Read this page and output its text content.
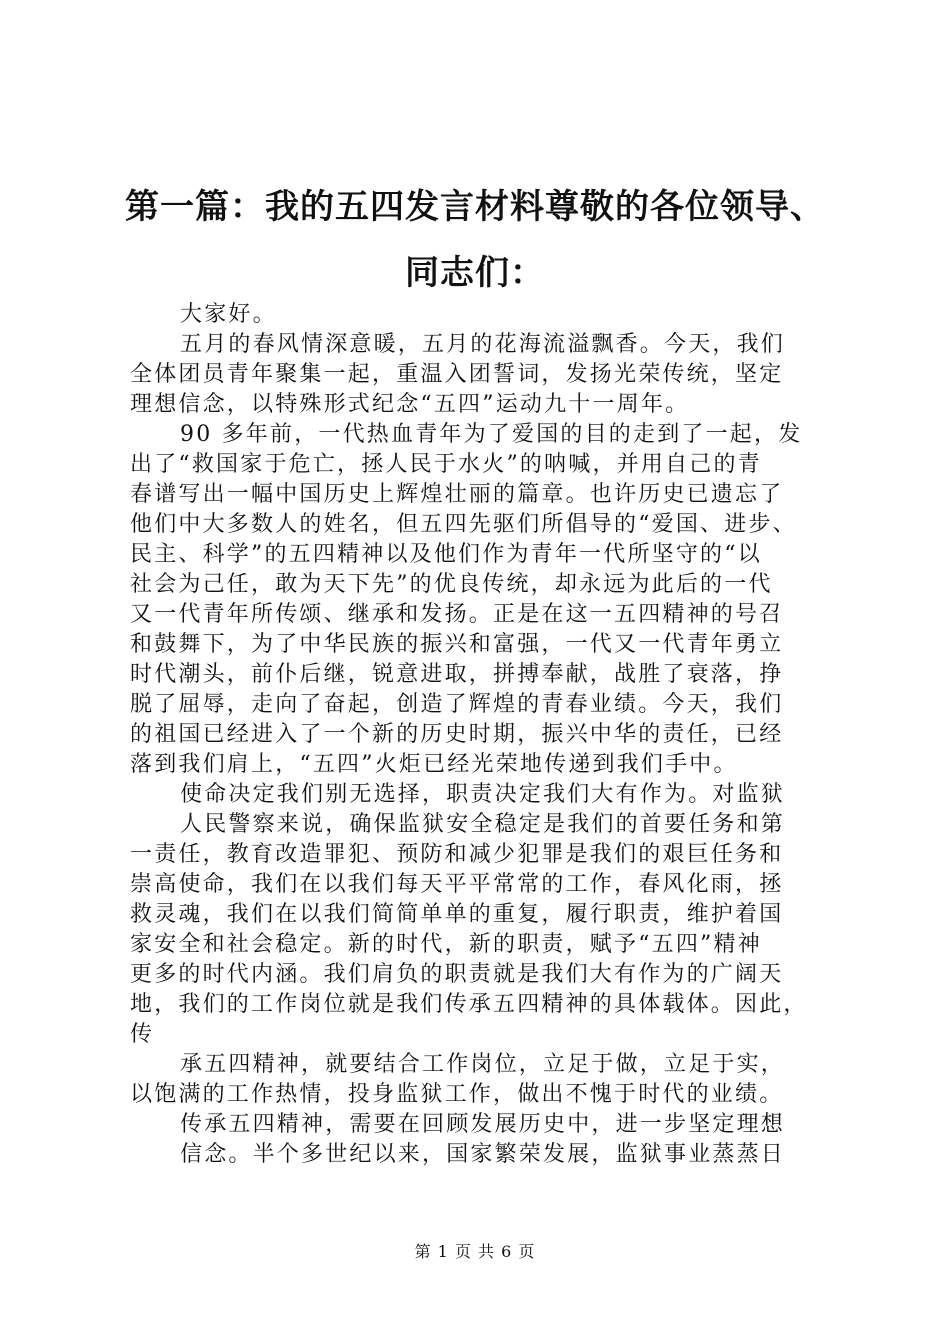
第一篇：我的五四发言材料尊敬的各位领导、
同志们：
大家好。
五月的春风情深意暖，五月的花海流溢飘香。今天，我们
全体团员青年聚集一起，重温入团誓词，发扬光荣传统，坚定
理想信念，以特殊形式纪念“五四”运动九十一周年。
90 多年前，一代热血青年为了爱国的目的走到了一起，发
出了“救国家于危亡，拯人民于水火”的呐喊，并用自己的青
春谱写出一幅中国历史上辉煌壮丽的篇章。也许历史已遗忘了
他们中大多数人的姓名，但五四先驱们所倡导的“爱国、进步、
民主、科学”的五四精神以及他们作为青年一代所坚守的“以
社会为己任，敢为天下先”的优良传统，却永远为此后的一代
又一代青年所传颂、继承和发扬。正是在这一五四精神的号召
和鼓舞下，为了中华民族的振兴和富强，一代又一代青年勇立
时代潮头，前仆后继，锐意进取，拼搏奉献，战胜了衰落，挣
脱了屈辱，走向了奋起，创造了辉煌的青春业绩。今天，我们
的祖国已经进入了一个新的历史时期，振兴中华的责任，已经
落到我们肩上，“五四”火炬已经光荣地传递到我们手中。
使命决定我们别无选择，职责决定我们大有作为。对监狱
人民警察来说，确保监狱安全稳定是我们的首要任务和第
一责任，教育改造罪犯、预防和减少犯罪是我们的艰巨任务和
崇高使命，我们在以我们每天平平常常的工作，春风化雨，拯
救灵魂，我们在以我们简简单单的重复，履行职责，维护着国
家安全和社会稳定。新的时代，新的职责，赋予“五四”精神
更多的时代内涵。我们肩负的职责就是我们大有作为的广阔天
地，我们的工作岗位就是我们传承五四精神的具体载体。因此，
传
承五四精神，就要结合工作岗位，立足于做，立足于实，
以饱满的工作热情，投身监狱工作，做出不愧于时代的业绩。
传承五四精神，需要在回顾发展历史中，进一步坚定理想
信念。半个多世纪以来，国家繁荣发展，监狱事业蒸蒸日
第 1 页 共 6 页
